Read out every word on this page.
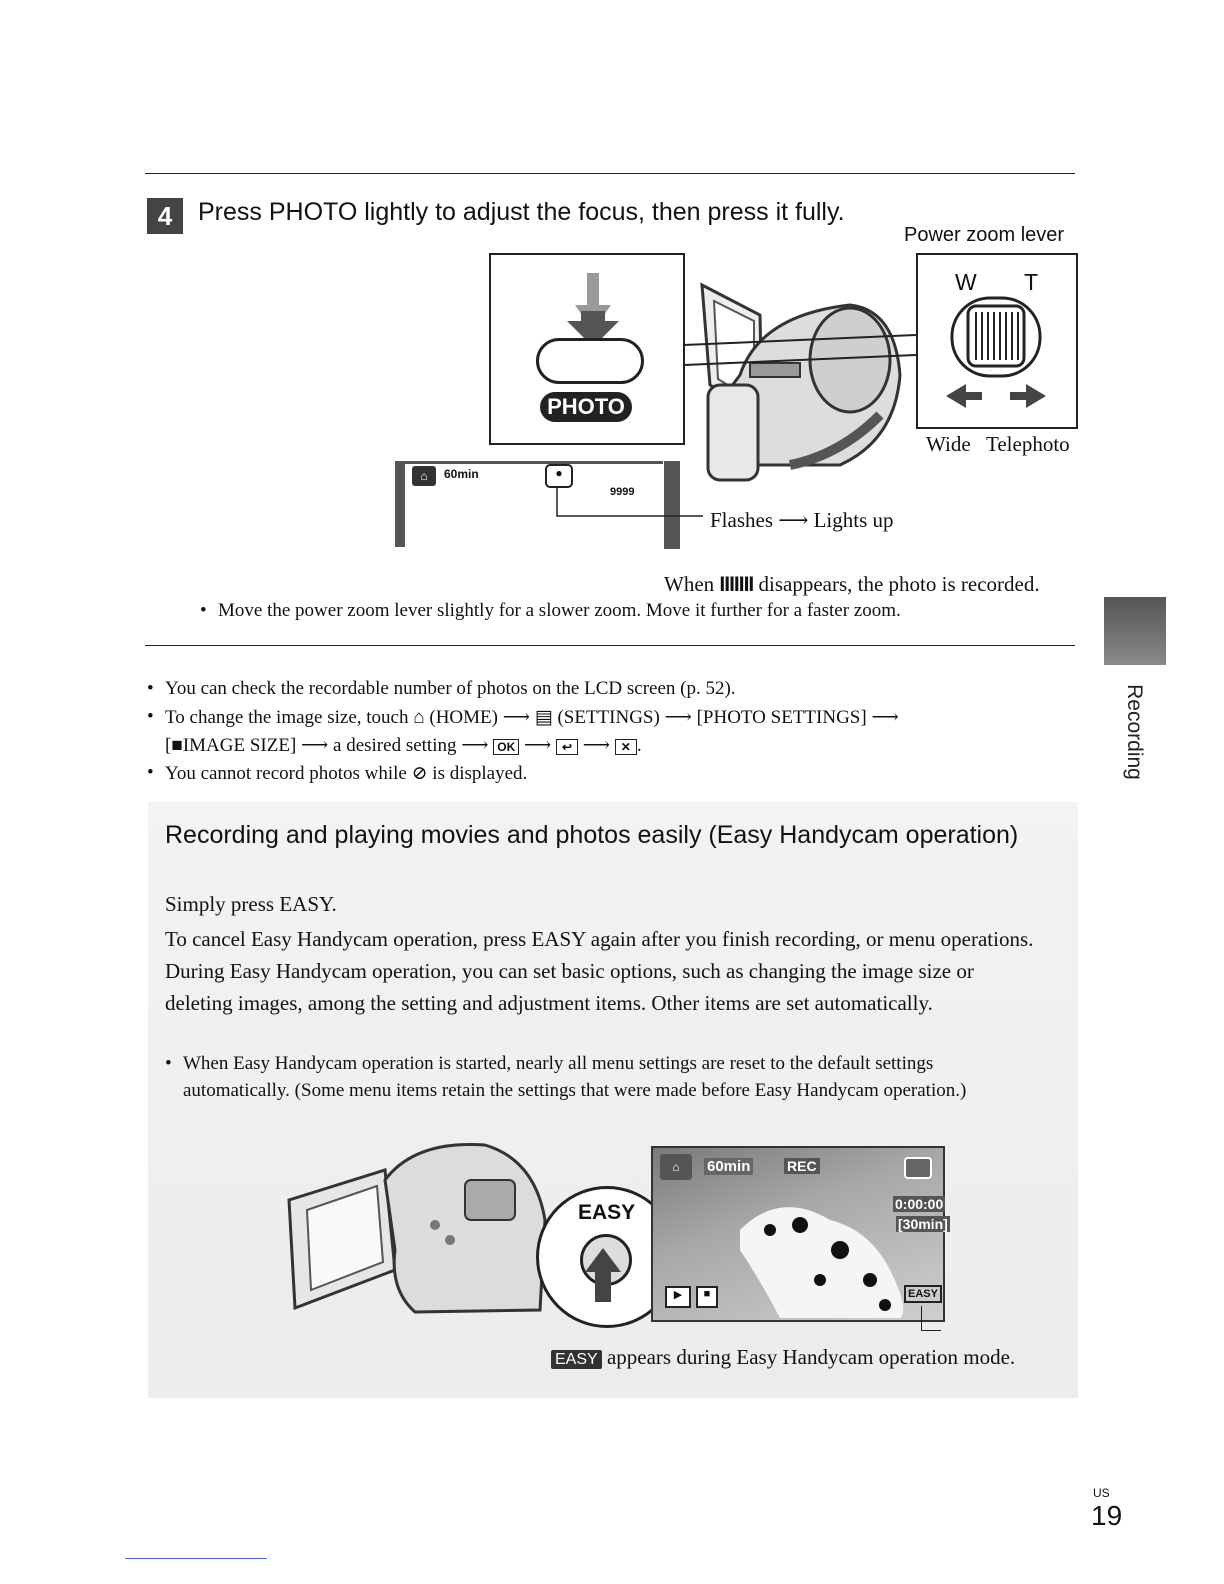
4	Press PHOTO lightly to adjust the focus, then press it fully.
Power zoom lever
PHOTO
W T
Wide Telephoto
⌂	60min	●
9999
Flashes ⟶ Lights up
When IIIIIII disappears, the photo is recorded.
• Move the power zoom lever slightly for a slower zoom. Move it further for a faster zoom.
• You can check the recordable number of photos on the LCD screen (p. 52).
• To change the image size, touch ⌂ (HOME) ⟶ ▤ (SETTINGS) ⟶ [PHOTO SETTINGS] ⟶
[■IMAGE SIZE] ⟶ a desired setting ⟶ OK ⟶ ↩ ⟶ ✕ .
• You cannot record photos while ⊘ is displayed.	Recording
Recording and playing movies and photos easily (Easy Handycam operation)
Simply press EASY.
To cancel Easy Handycam operation, press EASY again after you finish recording, or menu operations. During Easy Handycam operation, you can set basic options, such as changing the image size or deleting images, among the setting and adjustment items. Other items are set automatically.
• When Easy Handycam operation is started, nearly all menu settings are reset to the default settings automatically. (Some menu items retain the settings that were made before Easy Handycam operation.)
EASY
⌂	60min	REC
0:00:00
[30min]
▶	■	EASY
EASY appears during Easy Handycam operation mode.
US
19
